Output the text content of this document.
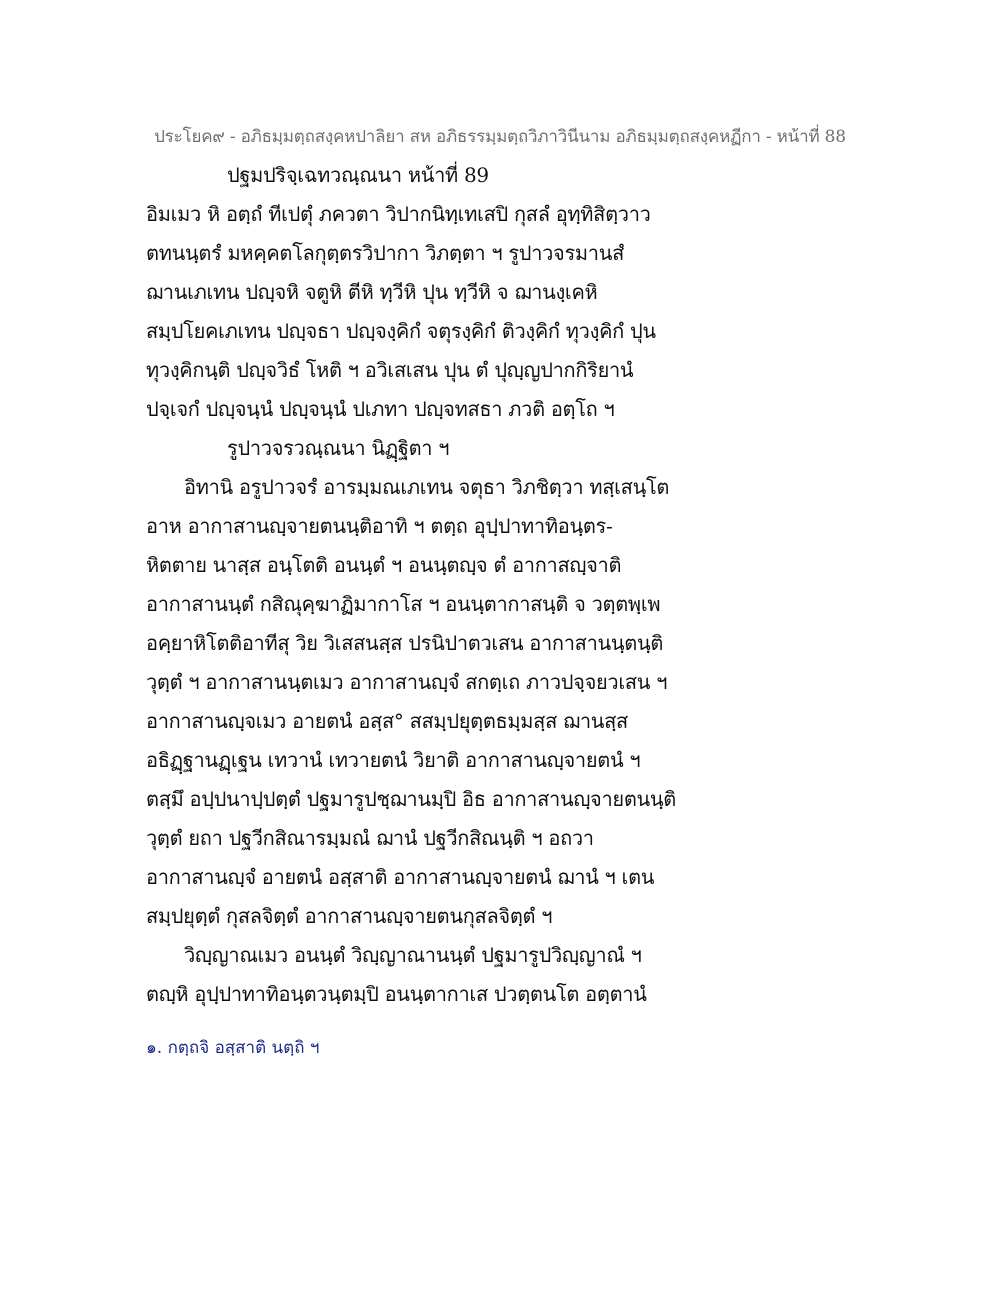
ประโยค๙ - อภิธมฺมตฺถสงฺคหปาลิยา สห อภิธรรมฺมตฺถวิภาวินีนาม อภิธมฺมตฺถสงฺคหฏีกา - หน้าที่ 88
ปฐมปริจฺเฉทวณฺณนา หน้าที่ 89
อิมเมว หิ อตฺถํ ทีเปตุํ ภควตา วิปากนิทฺเทเสปิ กุสลํ อุทฺทิสิตฺวาว
ตทนนฺตรํ มหคฺคตโลกุตฺตรวิปากา วิภตฺตา ฯ รูปาวจรมานสํ
ฌานเภเทน ปญฺจหิ จตูหิ ตีหิ ทฺวีหิ ปุน ทฺวีหิ จ ฌานงฺเคหิ
สมฺปโยคเภเทน ปญฺจธา ปญฺจงฺคิกํ จตุรงฺคิกํ ติวงฺคิกํ ทุวงฺคิกํ ปุน
ทุวงฺคิกนฺติ ปญฺจวิธํ โหติ ฯ อวิเสเสน ปุน ตํ ปุญฺญปากกิริยานํ
ปจฺเจกํ ปญฺจนฺนํ ปญฺจนฺนํ ปเภทา ปญฺจทสธา ภวติ อตฺโถ ฯ
รูปาวจรวณฺณนา นิฏฺฐิตา ฯ
อิทานิ อรูปาวจรํ อารมฺมณเภเทน จตุธา วิภชิตฺวา ทสฺเสนฺโต
อาห อากาสานญฺจายตนนฺติอาทิ ฯ ตตฺถ อุปฺปาทาทิอนฺตร-
หิตตาย นาสฺส อนฺโตติ อนนฺตํ ฯ อนนฺตญฺจ ตํ อากาสญฺจาติ
อากาสานนฺตํ กสิณุคฺฆาฏิมากาโส ฯ อนนฺตากาสนฺติ จ วตฺตพฺเพ
อคฺยาหิโตติอาทีสุ วิย วิเสสนสฺส ปรนิปาตวเสน อากาสานนฺตนฺติ
วุตฺตํ ฯ อากาสานนฺตเมว อากาสานญฺจํ สกตฺเถ ภาวปจฺจยวเสน ฯ
อากาสานญฺจเมว อายตนํ อสฺส° สสมฺปยุตฺตธมฺมสฺส ฌานสฺส
อธิฏฺฐานฏฺเฐน เทวานํ เทวายตนํ วิยาติ อากาสานญฺจายตนํ ฯ
ตสฺมึ อปฺปนาปฺปตฺตํ ปฐมารูปชฺฌานมฺปิ อิธ อากาสานญฺจายตนนฺติ
วุตฺตํ ยถา ปฐวีกสิณารมฺมณํ ฌานํ ปฐวีกสิณนฺติ ฯ อถวา
อากาสานญฺจํ อายตนํ อสฺสาติ อากาสานญฺจายตนํ ฌานํ ฯ เตน
สมฺปยุตฺตํ กุสลจิตฺตํ อากาสานญฺจายตนกุสลจิตฺตํ ฯ
วิญฺญาณเมว อนนฺตํ วิญฺญาณานนฺตํ ปฐมารูปวิญฺญาณํ ฯ
ตญฺหิ อุปฺปาทาทิอนฺตวนฺตมฺปิ อนนฺตากาเส ปวตฺตนโต อตฺตานํ
๑. กตฺถจิ อสฺสาติ นตฺถิ ฯ
